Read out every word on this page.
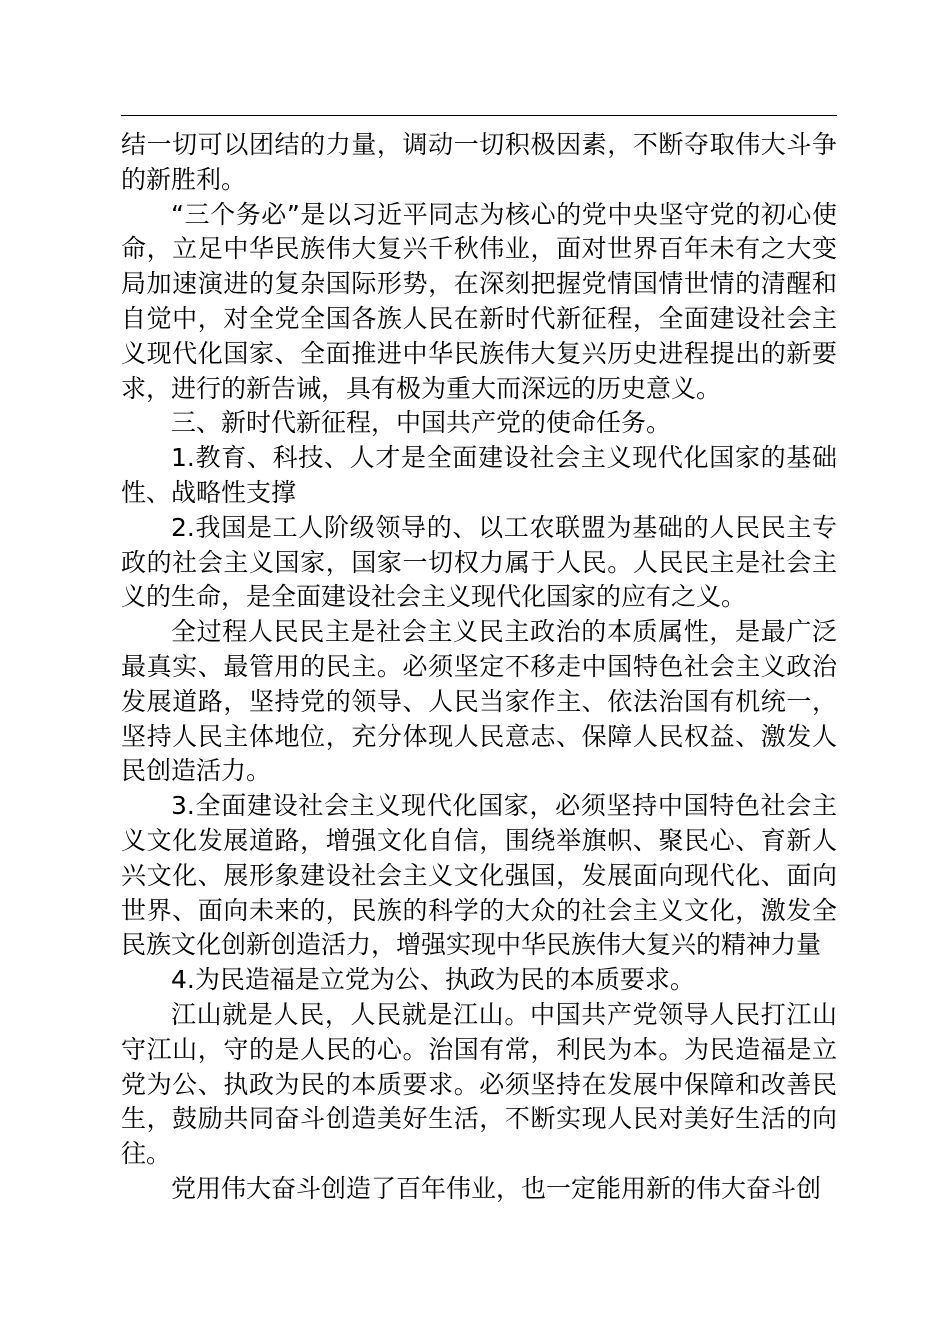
结一切可以团结的力量，调动一切积极因素，不断夺取伟大斗争的新胜利。

“三个务必”是以习近平同志为核心的党中央坚守党的初心使命，立足中华民族伟大复兴千秋伟业，面对世界百年未有之大变局加速演进的复杂国际形势，在深刻把握党情国情世情的清醒和自觉中，对全党全国各族人民在新时代新征程，全面建设社会主义现代化国家、全面推进中华民族伟大复兴历史进程提出的新要求，进行的新告诫，具有极为重大而深远的历史意义。

三、新时代新征程，中国共产党的使命任务。

1.教育、科技、人才是全面建设社会主义现代化国家的基础性、战略性支撑

2.我国是工人阶级领导的、以工农联盟为基础的人民民主专政的社会主义国家，国家一切权力属于人民。人民民主是社会主义的生命，是全面建设社会主义现代化国家的应有之义。

全过程人民民主是社会主义民主政治的本质属性，是最广泛最真实、最管用的民主。必须坚定不移走中国特色社会主义政治发展道路，坚持党的领导、人民当家作主、依法治国有机统一，坚持人民主体地位，充分体现人民意志、保障人民权益、激发人民创造活力。

3.全面建设社会主义现代化国家，必须坚持中国特色社会主义文化发展道路，增强文化自信，围绕举旗帜、聚民心、育新人兴文化、展形象建设社会主义文化强国，发展面向现代化、面向世界、面向未来的，民族的科学的大众的社会主义文化，激发全民族文化创新创造活力，增强实现中华民族伟大复兴的精神力量

4.为民造福是立党为公、执政为民的本质要求。

江山就是人民，人民就是江山。中国共产党领导人民打江山守江山，守的是人民的心。治国有常，利民为本。为民造福是立党为公、执政为民的本质要求。必须坚持在发展中保障和改善民生，鼓励共同奋斗创造美好生活，不断实现人民对美好生活的向往。

党用伟大奋斗创造了百年伟业，也一定能用新的伟大奋斗创
